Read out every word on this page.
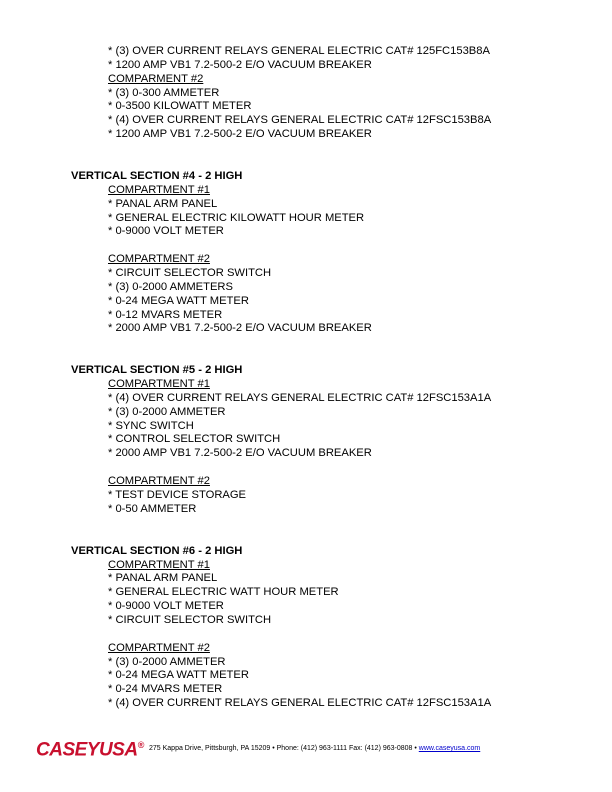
* (3) OVER CURRENT RELAYS GENERAL ELECTRIC CAT# 125FC153B8A
* 1200 AMP VB1 7.2-500-2 E/O VACUUM BREAKER
COMPARMENT #2
* (3) 0-300 AMMETER
* 0-3500 KILOWATT METER
* (4) OVER CURRENT RELAYS GENERAL ELECTRIC CAT# 12FSC153B8A
* 1200 AMP VB1 7.2-500-2 E/O VACUUM BREAKER
VERTICAL SECTION #4 - 2 HIGH
COMPARTMENT #1
* PANAL ARM PANEL
* GENERAL ELECTRIC KILOWATT HOUR METER
* 0-9000 VOLT METER
COMPARTMENT #2
* CIRCUIT SELECTOR SWITCH
* (3) 0-2000 AMMETERS
* 0-24 MEGA WATT METER
* 0-12 MVARS METER
* 2000 AMP VB1 7.2-500-2 E/O VACUUM BREAKER
VERTICAL SECTION #5 - 2 HIGH
COMPARTMENT #1
* (4) OVER CURRENT RELAYS GENERAL ELECTRIC CAT# 12FSC153A1A
* (3) 0-2000 AMMETER
* SYNC SWITCH
* CONTROL SELECTOR SWITCH
* 2000 AMP VB1 7.2-500-2 E/O VACUUM BREAKER
COMPARTMENT #2
* TEST DEVICE STORAGE
* 0-50 AMMETER
VERTICAL SECTION #6 - 2 HIGH
COMPARTMENT #1
* PANAL ARM PANEL
* GENERAL ELECTRIC WATT HOUR METER
* 0-9000 VOLT METER
* CIRCUIT SELECTOR SWITCH
COMPARTMENT #2
* (3) 0-2000 AMMETER
* 0-24 MEGA WATT METER
* 0-24 MVARS METER
* (4) OVER CURRENT RELAYS GENERAL ELECTRIC CAT# 12FSC153A1A
CASEYUSA® 275 Kappa Drive, Pittsburgh, PA 15209 • Phone: (412) 963-1111 Fax: (412) 963-0808 • www.caseyusa.com
